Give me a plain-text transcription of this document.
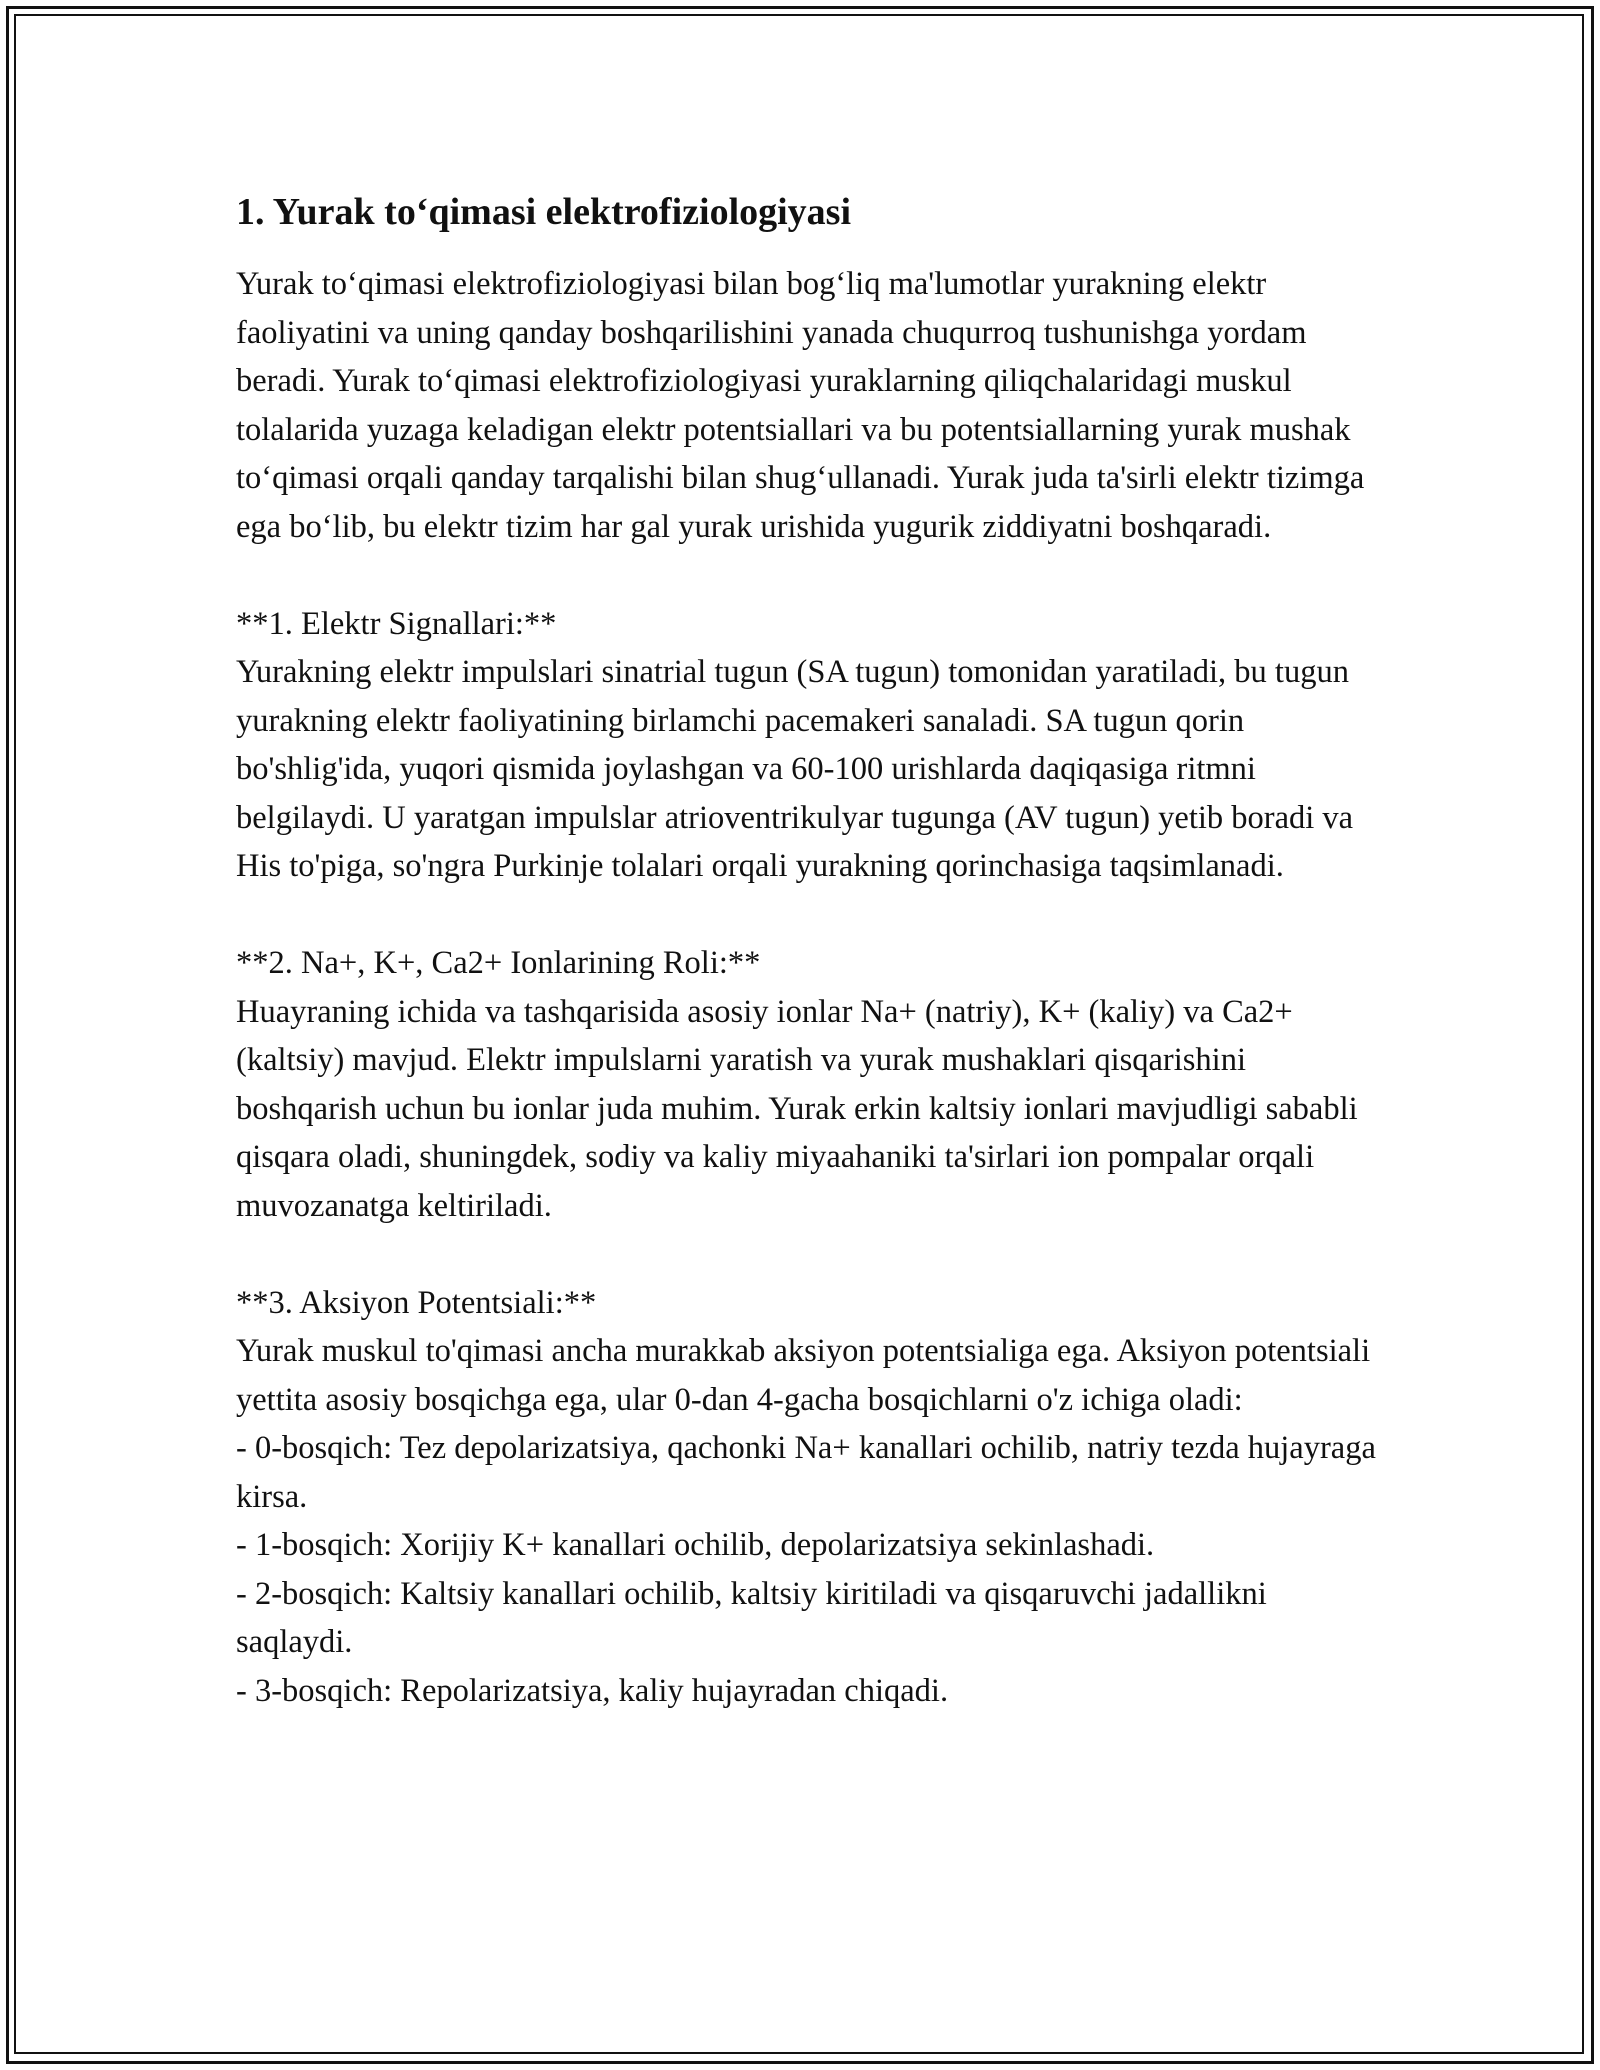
1. Yurak to‘qimasi elektrofiziologiyasi

Yurak to‘qimasi elektrofiziologiyasi bilan bog‘liq ma'lumotlar yurakning elektr faoliyatini va uning qanday boshqarilishini yanada chuqurroq tushunishga yordam beradi. Yurak to‘qimasi elektrofiziologiyasi yuraklarning qiliqchalaridagi muskul tolalarida yuzaga keladigan elektr potentsiallari va bu potentsiallarning yurak mushak to‘qimasi orqali qanday tarqalishi bilan shug‘ullanadi. Yurak juda ta'sirli elektr tizimga ega bo‘lib, bu elektr tizim har gal yurak urishida yugurik ziddiyatni boshqaradi.

**1. Elektr Signallari:**

Yurakning elektr impulslari sinatrial tugun (SA tugun) tomonidan yaratiladi, bu tugun yurakning elektr faoliyatining birlamchi pacemakeri sanaladi. SA tugun qorin bo'shlig'ida, yuqori qismida joylashgan va 60-100 urishlarda daqiqasiga ritmni belgilaydi. U yaratgan impulslar atrioventrikulyar tugunga (AV tugun) yetib boradi va His to'piga, so'ngra Purkinje tolalari orqali yurakning qorinchasiga taqsimlanadi.

**2. Na+, K+, Ca2+ Ionlarining Roli:**

Huayraning ichida va tashqarisida asosiy ionlar Na+ (natriy), K+ (kaliy) va Ca2+ (kaltsiy) mavjud. Elektr impulslarni yaratish va yurak mushaklari qisqarishini boshqarish uchun bu ionlar juda muhim. Yurak erkin kaltsiy ionlari mavjudligi sababli qisqara oladi, shuningdek, sodiy va kaliy miyaahaniki ta'sirlari ion pompalar orqali muvozanatga keltiriladi.

**3. Aksiyon Potentsiali:**

Yurak muskul to'qimasi ancha murakkab aksiyon potentsialiga ega. Aksiyon potentsiali yettita asosiy bosqichga ega, ular 0-dan 4-gacha bosqichlarni o'z ichiga oladi:

- 0-bosqich: Tez depolarizatsiya, qachonki Na+ kanallari ochilib, natriy tezda hujayraga kirsa.

- 1-bosqich: Xorijiy K+ kanallari ochilib, depolarizatsiya sekinlashadi.

- 2-bosqich: Kaltsiy kanallari ochilib, kaltsiy kiritiladi va qisqaruvchi jadallikni saqlaydi.

- 3-bosqich: Repolarizatsiya, kaliy hujayradan chiqadi.
